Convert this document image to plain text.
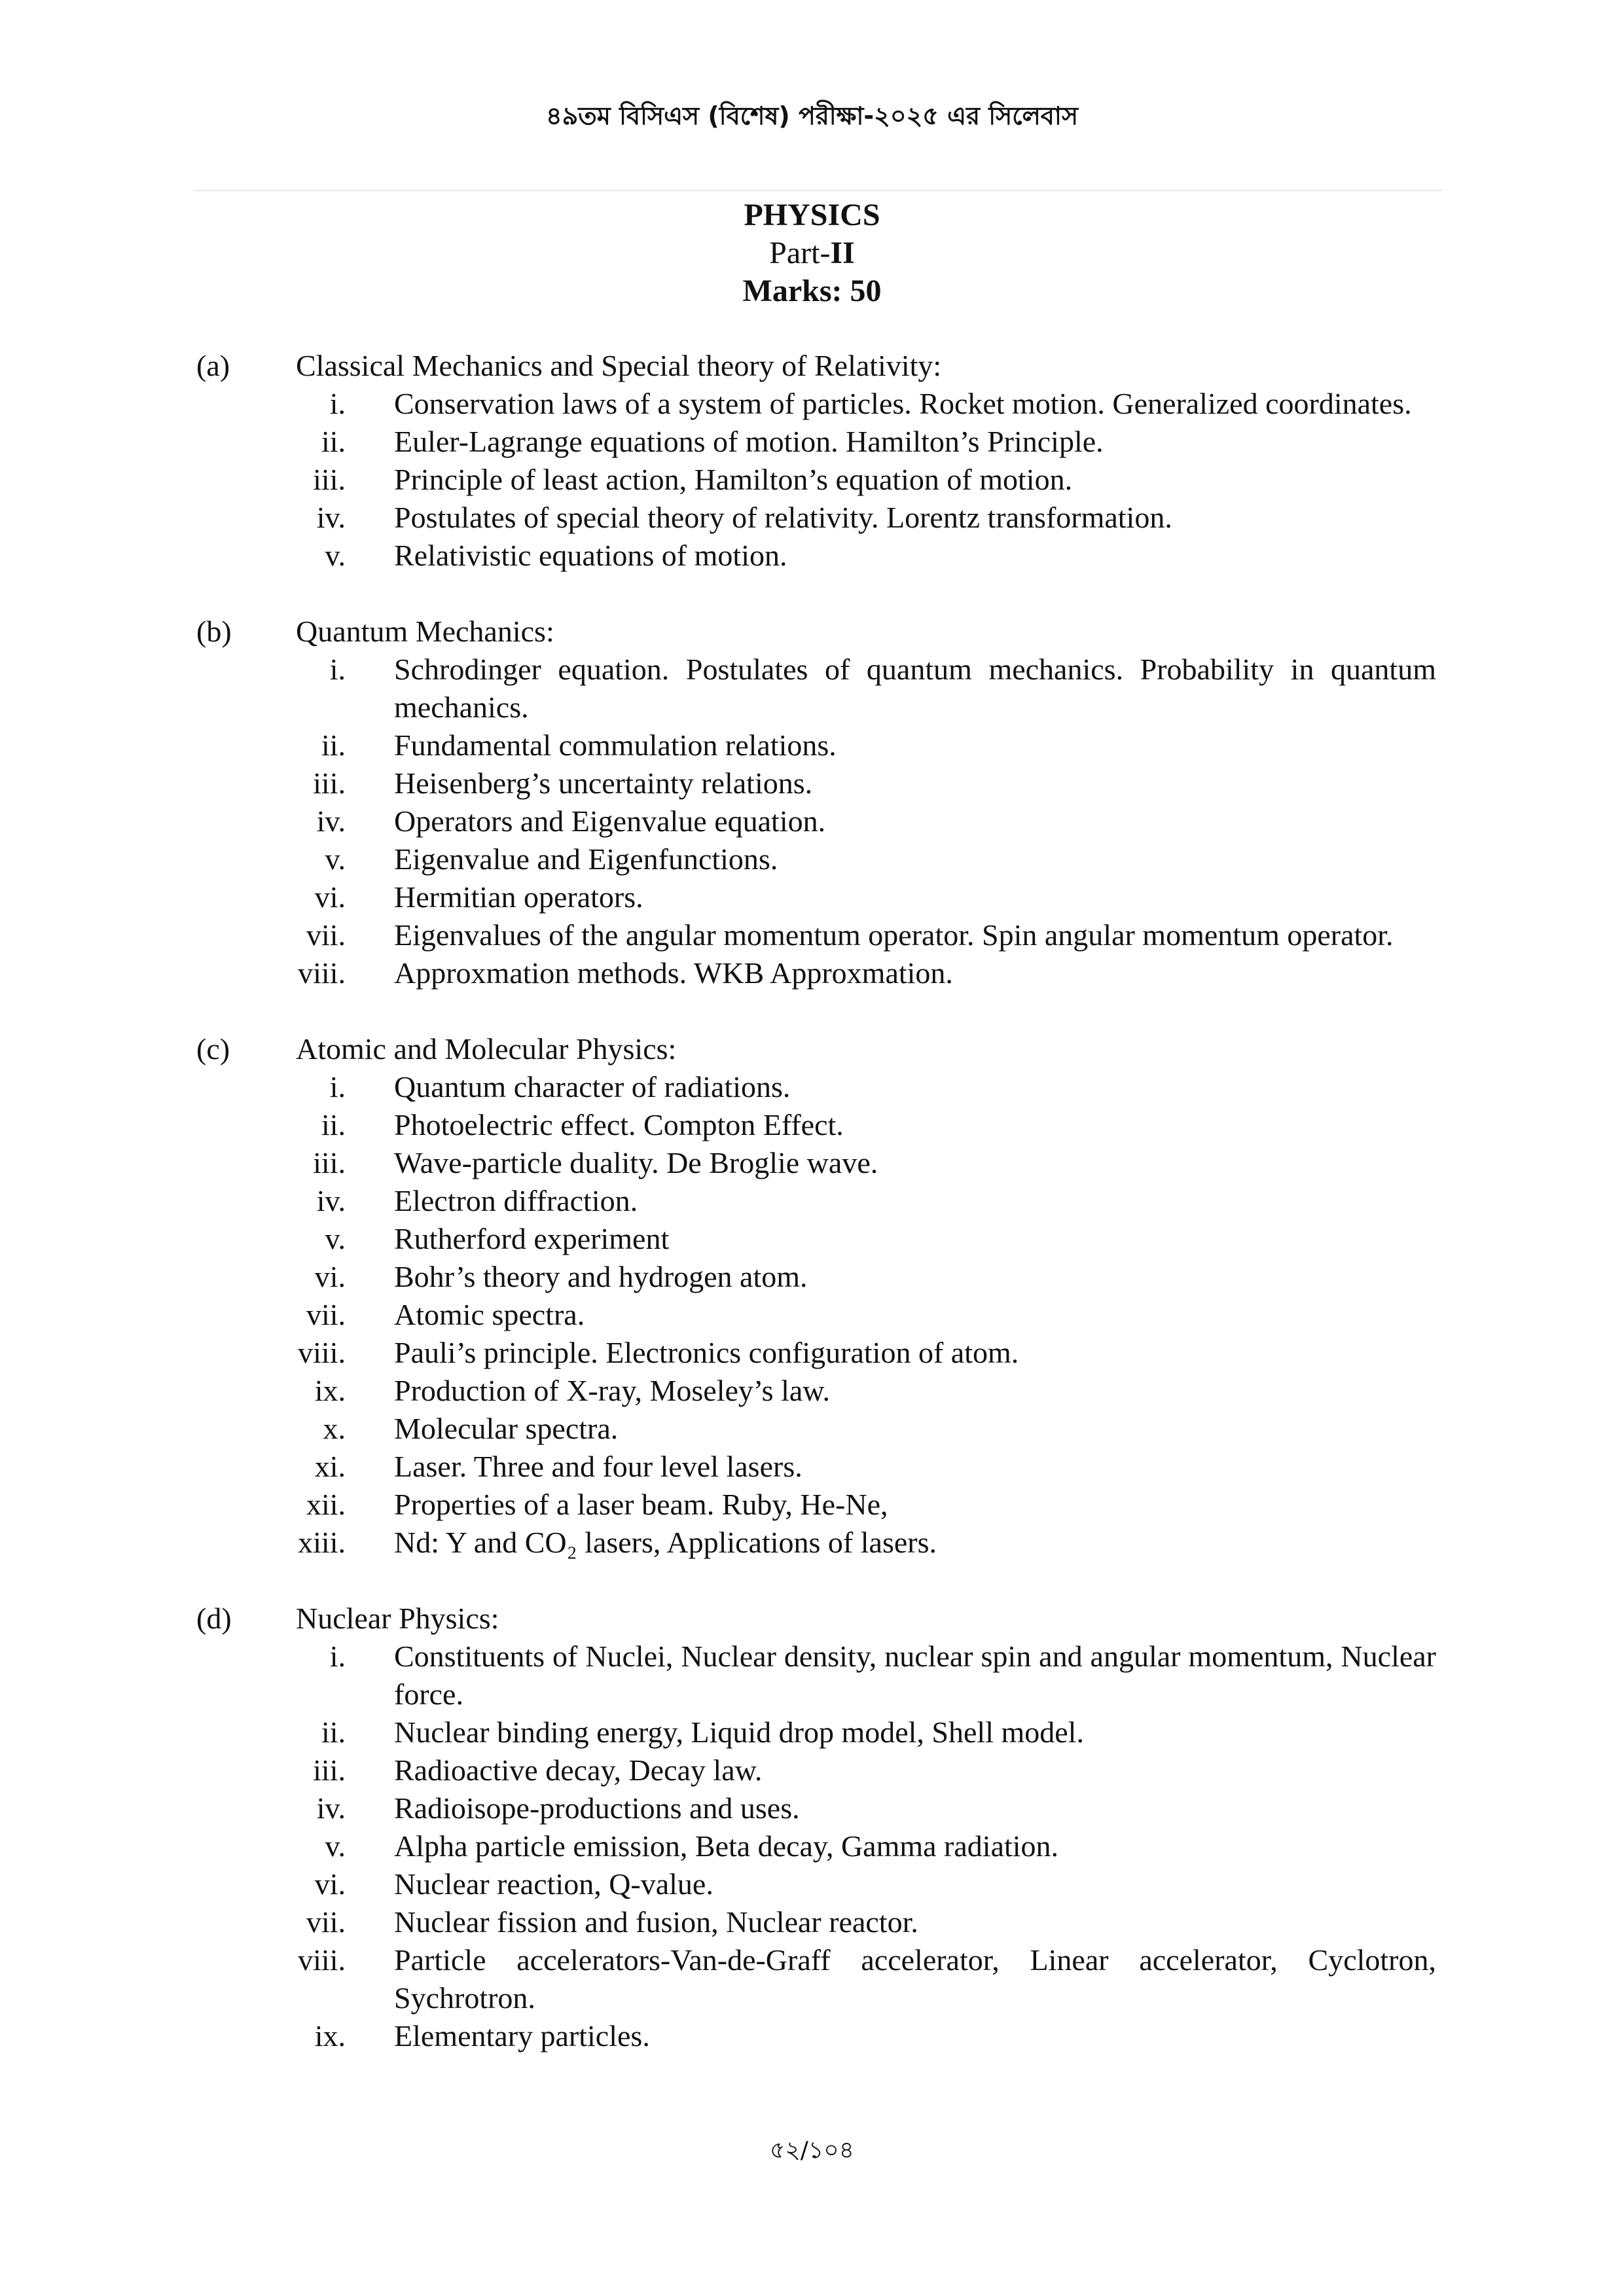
৪৯তম বিসিএস (বিশেষ) পরীক্ষা-২০২৫ এর সিলেবাস
PHYSICS
Part-II
Marks: 50
(a) Classical Mechanics and Special theory of Relativity:
i. Conservation laws of a system of particles. Rocket motion. Generalized coordinates.
ii. Euler-Lagrange equations of motion. Hamilton’s Principle.
iii. Principle of least action, Hamilton’s equation of motion.
iv. Postulates of special theory of relativity. Lorentz transformation.
v. Relativistic equations of motion.
(b) Quantum Mechanics:
i. Schrodinger equation. Postulates of quantum mechanics. Probability in quantum mechanics.
ii. Fundamental commulation relations.
iii. Heisenberg’s uncertainty relations.
iv. Operators and Eigenvalue equation.
v. Eigenvalue and Eigenfunctions.
vi. Hermitian operators.
vii. Eigenvalues of the angular momentum operator. Spin angular momentum operator.
viii. Approxmation methods. WKB Approxmation.
(c) Atomic and Molecular Physics:
i. Quantum character of radiations.
ii. Photoelectric effect. Compton Effect.
iii. Wave-particle duality. De Broglie wave.
iv. Electron diffraction.
v. Rutherford experiment
vi. Bohr’s theory and hydrogen atom.
vii. Atomic spectra.
viii. Pauli’s principle. Electronics configuration of atom.
ix. Production of X-ray, Moseley’s law.
x. Molecular spectra.
xi. Laser. Three and four level lasers.
xii. Properties of a laser beam. Ruby, He-Ne,
xiii. Nd: Y and CO₂ lasers, Applications of lasers.
(d) Nuclear Physics:
i. Constituents of Nuclei, Nuclear density, nuclear spin and angular momentum, Nuclear force.
ii. Nuclear binding energy, Liquid drop model, Shell model.
iii. Radioactive decay, Decay law.
iv. Radioisope-productions and uses.
v. Alpha particle emission, Beta decay, Gamma radiation.
vi. Nuclear reaction, Q-value.
vii. Nuclear fission and fusion, Nuclear reactor.
viii. Particle accelerators-Van-de-Graff accelerator, Linear accelerator, Cyclotron, Sychrotron.
ix. Elementary particles.
৫২/১০৪
